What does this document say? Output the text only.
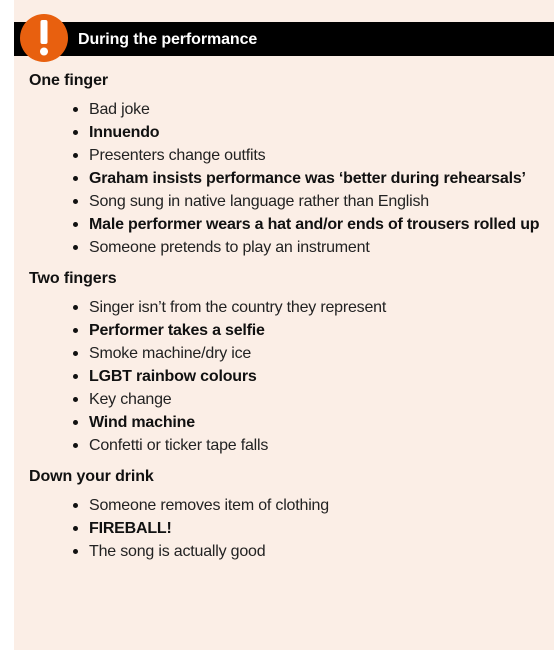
During the performance
One finger
Bad joke
Innuendo
Presenters change outfits
Graham insists performance was ‘better during rehearsals’
Song sung in native language rather than English
Male performer wears a hat and/or ends of trousers rolled up
Someone pretends to play an instrument
Two fingers
Singer isn’t from the country they represent
Performer takes a selfie
Smoke machine/dry ice
LGBT rainbow colours
Key change
Wind machine
Confetti or ticker tape falls
Down your drink
Someone removes item of clothing
FIREBALL!
The song is actually good
